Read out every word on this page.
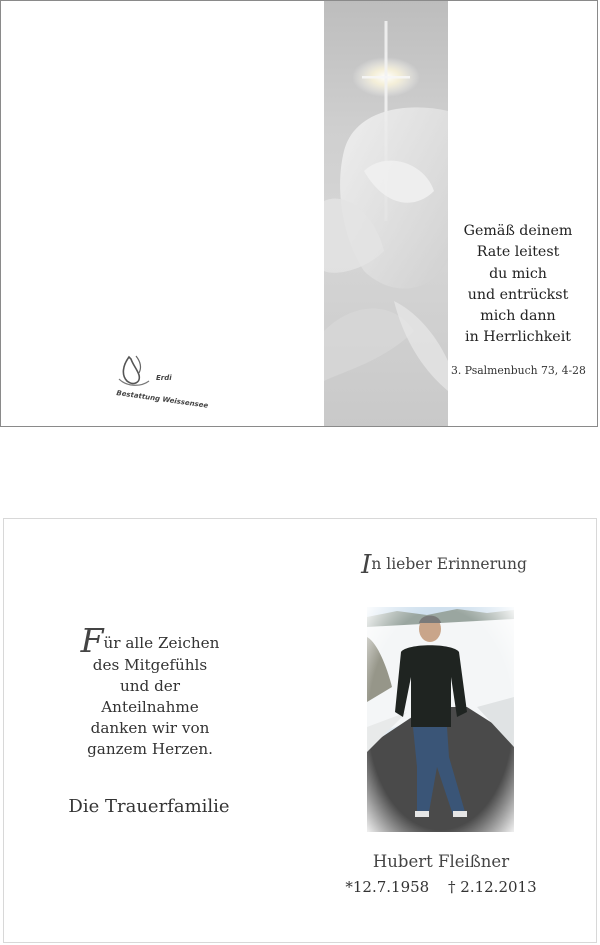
Erdi
Bestattung Weissensee
Gemäß deinem
Rate leitest
du mich
und entrückst
mich dann
in Herrlichkeit
3. Psalmenbuch 73, 4-28
Für alle Zeichen
des Mitgefühls
und der
Anteilnahme
danken wir von
ganzem Herzen.
Die Trauerfamilie
In lieber Erinnerung
Hubert Fleißner
*12.7.1958 † 2.12.2013
